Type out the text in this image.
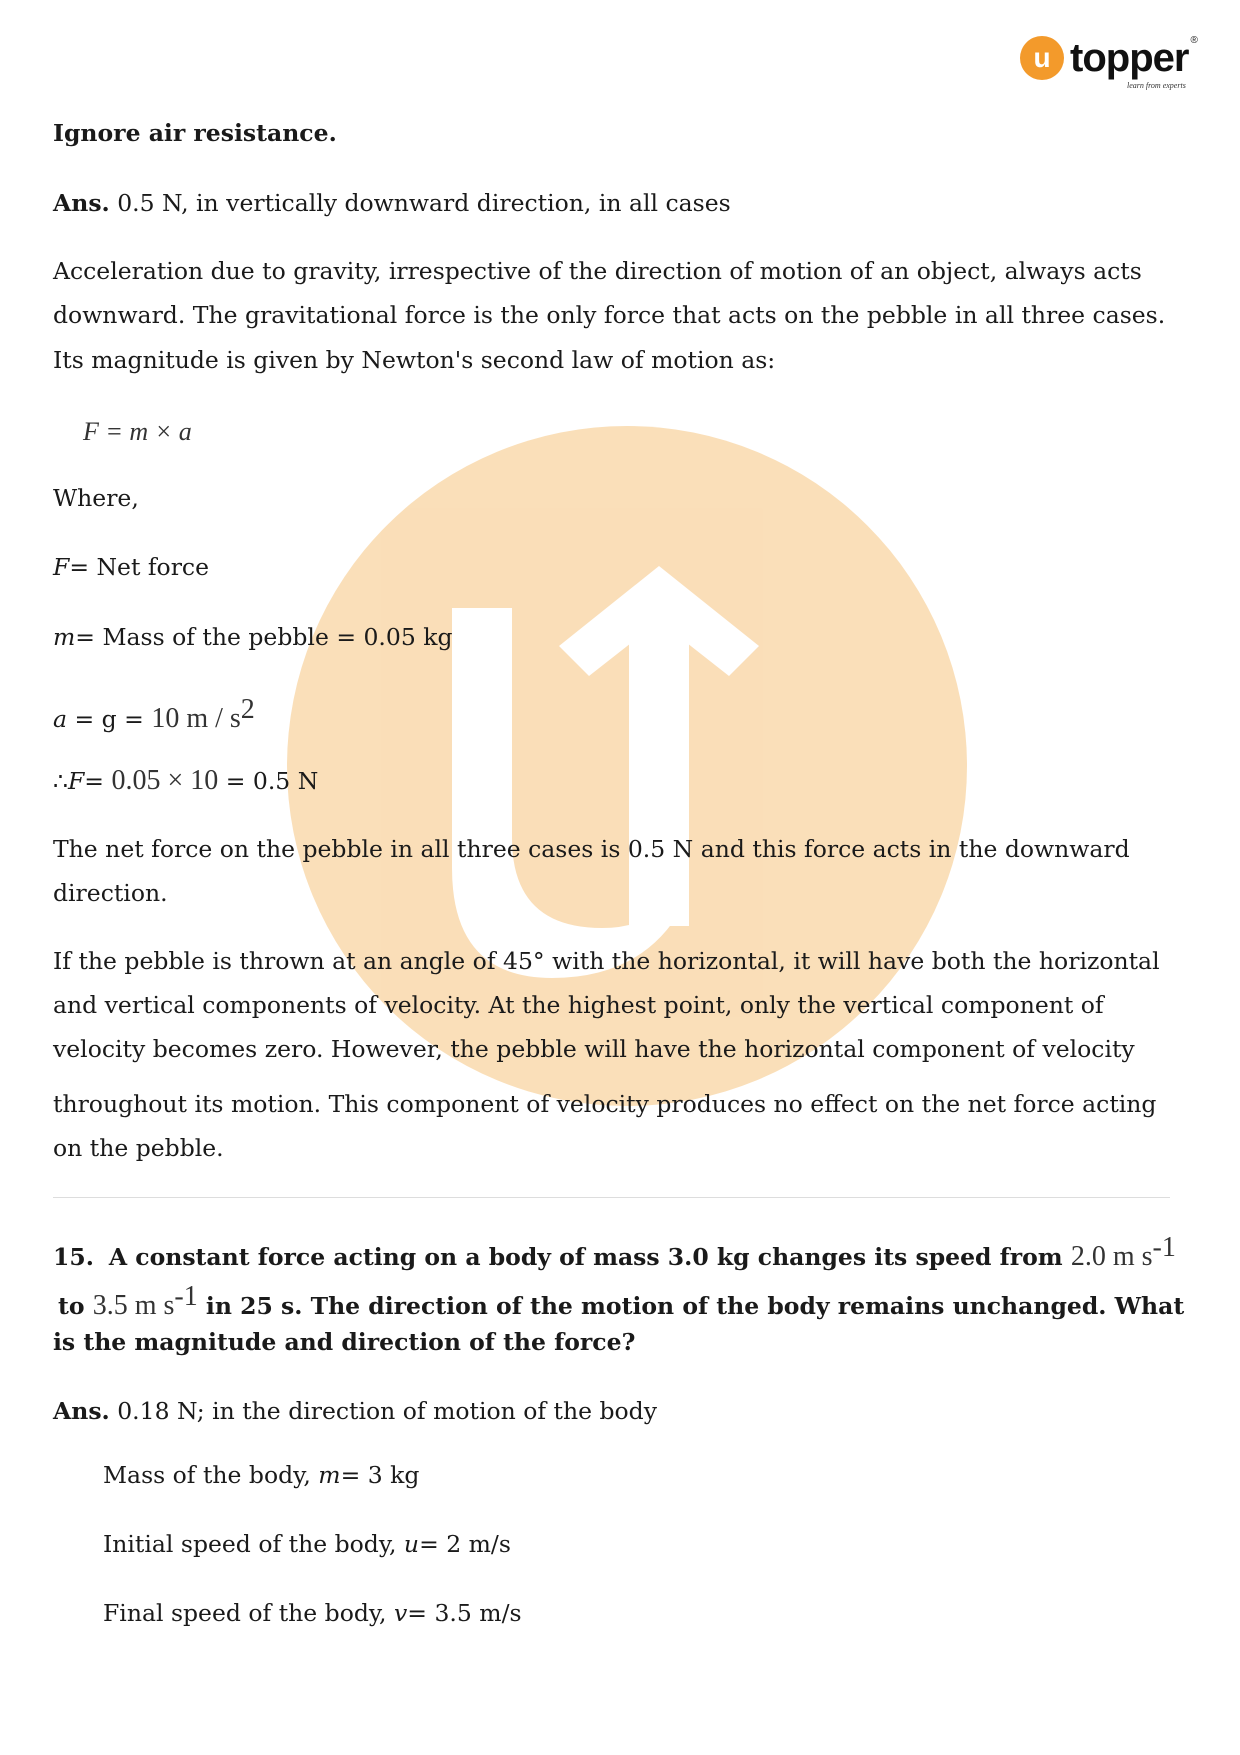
u topper ®
learn from experts
Ignore air resistance.
Ans. 0.5 N, in vertically downward direction, in all cases
Acceleration due to gravity, irrespective of the direction of motion of an object, always acts
downward. The gravitational force is the only force that acts on the pebble in all three cases.
Its magnitude is given by Newton's second law of motion as:
F = m × a
Where,
F= Net force
m= Mass of the pebble = 0.05 kg
a = g = 10 m / $s^2$
∴F= 0.05 × 10 = 0.5 N
The net force on the pebble in all three cases is 0.5 N and this force acts in the downward
direction.
If the pebble is thrown at an angle of 45° with the horizontal, it will have both the horizontal
and vertical components of velocity. At the highest point, only the vertical component of
velocity becomes zero. However, the pebble will have the horizontal component of velocity
throughout its motion. This component of velocity produces no effect on the net force acting
on the pebble.
15. A constant force acting on a body of mass 3.0 kg changes its speed from 2.0 m $s^{-1}$
to 3.5 m $s^{-1}$ in 25 s. The direction of the motion of the body remains unchanged. What
is the magnitude and direction of the force?
Ans. 0.18 N; in the direction of motion of the body
Mass of the body, m= 3 kg
Initial speed of the body, u= 2 m/s
Final speed of the body, v= 3.5 m/s
